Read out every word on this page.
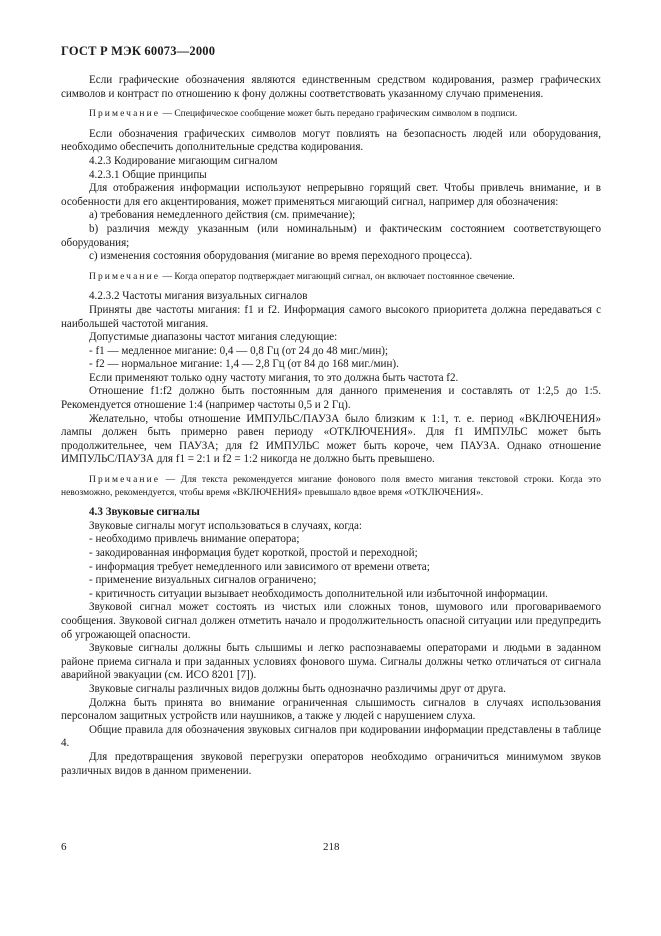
ГОСТ Р МЭК 60073—2000

Если графические обозначения являются единственным средством кодирования, размер графических символов и контраст по отношению к фону должны соответствовать указанному случаю применения.

Примечание — Специфическое сообщение может быть передано графическим символом в подписи.

Если обозначения графических символов могут повлиять на безопасность людей или оборудования, необходимо обеспечить дополнительные средства кодирования.

4.2.3 Кодирование мигающим сигналом

4.2.3.1 Общие принципы

Для отображения информации используют непрерывно горящий свет. Чтобы привлечь внимание, и в особенности для его акцентирования, может применяться мигающий сигнал, например для обозначения:

а) требования немедленного действия (см. примечание);

b) различия между указанным (или номинальным) и фактическим состоянием соответствующего оборудования;

с) изменения состояния оборудования (мигание во время переходного процесса).

Примечание — Когда оператор подтверждает мигающий сигнал, он включает постоянное свечение.

4.2.3.2 Частоты мигания визуальных сигналов

Приняты две частоты мигания: f1 и f2. Информация самого высокого приоритета должна передаваться с наибольшей частотой мигания.

Допустимые диапазоны частот мигания следующие:

- f1 — медленное мигание: 0,4 — 0,8 Гц (от 24 до 48 миг./мин);

- f2 — нормальное мигание: 1,4 — 2,8 Гц (от 84 до 168 миг./мин).

Если применяют только одну частоту мигания, то это должна быть частота f2.

Отношение f1:f2 должно быть постоянным для данного применения и составлять от 1:2,5 до 1:5. Рекомендуется отношение 1:4 (например частоты 0,5 и 2 Гц).

Желательно, чтобы отношение ИМПУЛЬС/ПАУЗА было близким к 1:1, т. е. период «ВКЛЮЧЕНИЯ» лампы должен быть примерно равен периоду «ОТКЛЮЧЕНИЯ». Для f1 ИМПУЛЬС может быть продолжительнее, чем ПАУЗА; для f2 ИМПУЛЬС может быть короче, чем ПАУЗА. Однако отношение ИМПУЛЬС/ПАУЗА для f1 = 2:1 и f2 = 1:2 никогда не должно быть превышено.

Примечание — Для текста рекомендуется мигание фонового поля вместо мигания текстовой строки. Когда это невозможно, рекомендуется, чтобы время «ВКЛЮЧЕНИЯ» превышало вдвое время «ОТКЛЮЧЕНИЯ».

4.3 Звуковые сигналы

Звуковые сигналы могут использоваться в случаях, когда:

- необходимо привлечь внимание оператора;

- закодированная информация будет короткой, простой и переходной;

- информация требует немедленного или зависимого от времени ответа;

- применение визуальных сигналов ограничено;

- критичность ситуации вызывает необходимость дополнительной или избыточной информации.

Звуковой сигнал может состоять из чистых или сложных тонов, шумового или проговариваемого сообщения. Звуковой сигнал должен отметить начало и продолжительность опасной ситуации или предупредить об угрожающей опасности.

Звуковые сигналы должны быть слышимы и легко распознаваемы операторами и людьми в заданном районе приема сигнала и при заданных условиях фонового шума. Сигналы должны четко отличаться от сигнала аварийной эвакуации (см. ИСО 8201 [7]).

Звуковые сигналы различных видов должны быть однозначно различимы друг от друга.

Должна быть принята во внимание ограниченная слышимость сигналов в случаях использования персоналом защитных устройств или наушников, а также у людей с нарушением слуха.

Общие правила для обозначения звуковых сигналов при кодировании информации представлены в таблице 4.

Для предотвращения звуковой перегрузки операторов необходимо ограничиться минимумом звуков различных видов в данном применении.

6	218
